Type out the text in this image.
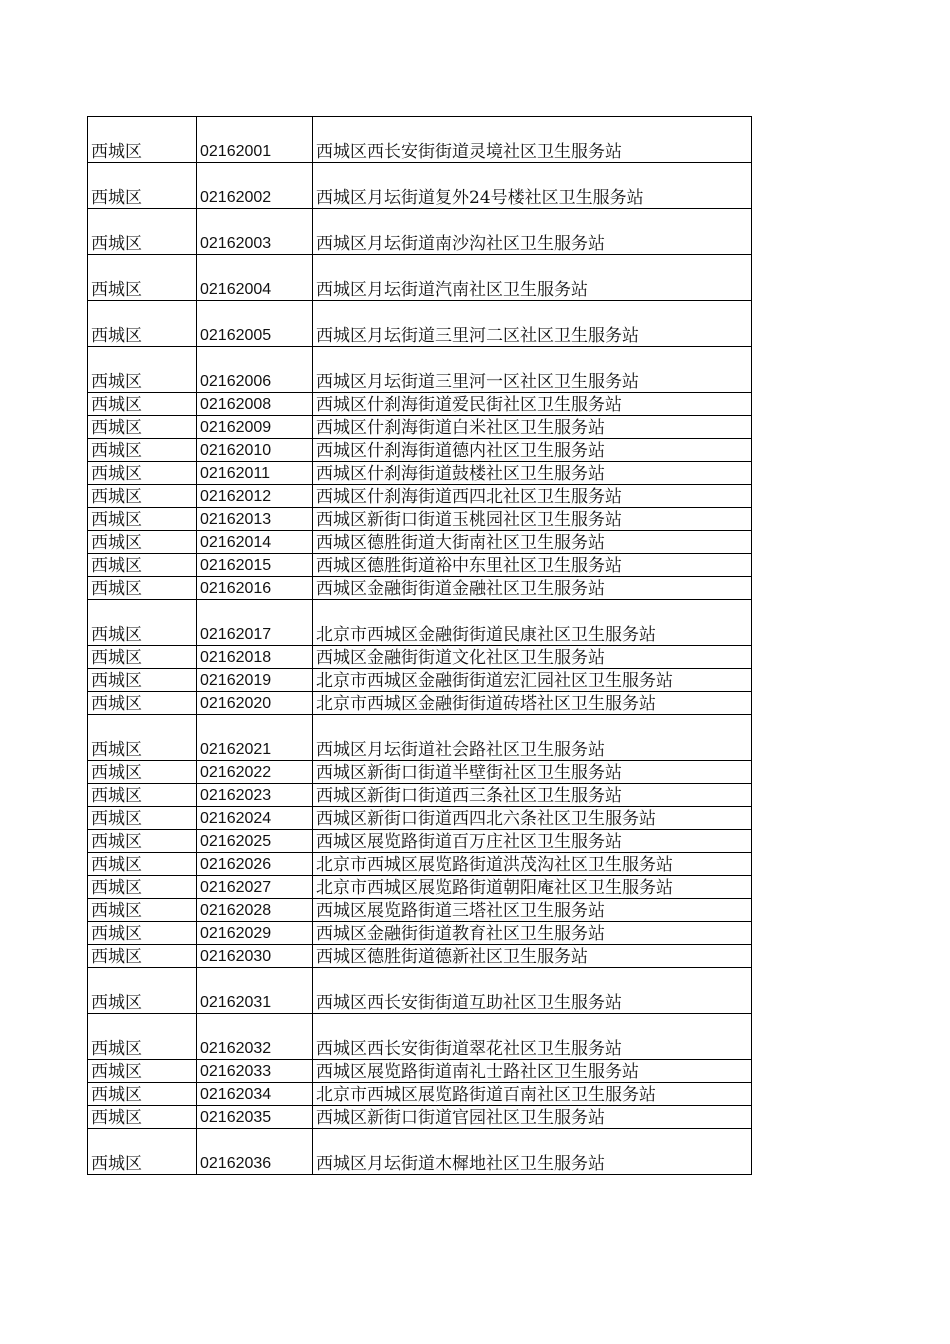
西城区	02162001	西城区西长安街街道灵境社区卫生服务站
西城区	02162002	西城区月坛街道复外24号楼社区卫生服务站
西城区	02162003	西城区月坛街道南沙沟社区卫生服务站
西城区	02162004	西城区月坛街道汽南社区卫生服务站
西城区	02162005	西城区月坛街道三里河二区社区卫生服务站
西城区	02162006	西城区月坛街道三里河一区社区卫生服务站
西城区	02162008	西城区什刹海街道爱民街社区卫生服务站
西城区	02162009	西城区什刹海街道白米社区卫生服务站
西城区	02162010	西城区什刹海街道德内社区卫生服务站
西城区	02162011	西城区什刹海街道鼓楼社区卫生服务站
西城区	02162012	西城区什刹海街道西四北社区卫生服务站
西城区	02162013	西城区新街口街道玉桃园社区卫生服务站
西城区	02162014	西城区德胜街道大街南社区卫生服务站
西城区	02162015	西城区德胜街道裕中东里社区卫生服务站
西城区	02162016	西城区金融街街道金融社区卫生服务站
西城区	02162017	北京市西城区金融街街道民康社区卫生服务站
西城区	02162018	西城区金融街街道文化社区卫生服务站
西城区	02162019	北京市西城区金融街街道宏汇园社区卫生服务站
西城区	02162020	北京市西城区金融街街道砖塔社区卫生服务站
西城区	02162021	西城区月坛街道社会路社区卫生服务站
西城区	02162022	西城区新街口街道半壁街社区卫生服务站
西城区	02162023	西城区新街口街道西三条社区卫生服务站
西城区	02162024	西城区新街口街道西四北六条社区卫生服务站
西城区	02162025	西城区展览路街道百万庄社区卫生服务站
西城区	02162026	北京市西城区展览路街道洪茂沟社区卫生服务站
西城区	02162027	北京市西城区展览路街道朝阳庵社区卫生服务站
西城区	02162028	西城区展览路街道三塔社区卫生服务站
西城区	02162029	西城区金融街街道教育社区卫生服务站
西城区	02162030	西城区德胜街道德新社区卫生服务站
西城区	02162031	西城区西长安街街道互助社区卫生服务站
西城区	02162032	西城区西长安街街道翠花社区卫生服务站
西城区	02162033	西城区展览路街道南礼士路社区卫生服务站
西城区	02162034	北京市西城区展览路街道百南社区卫生服务站
西城区	02162035	西城区新街口街道官园社区卫生服务站
西城区	02162036	西城区月坛街道木樨地社区卫生服务站
